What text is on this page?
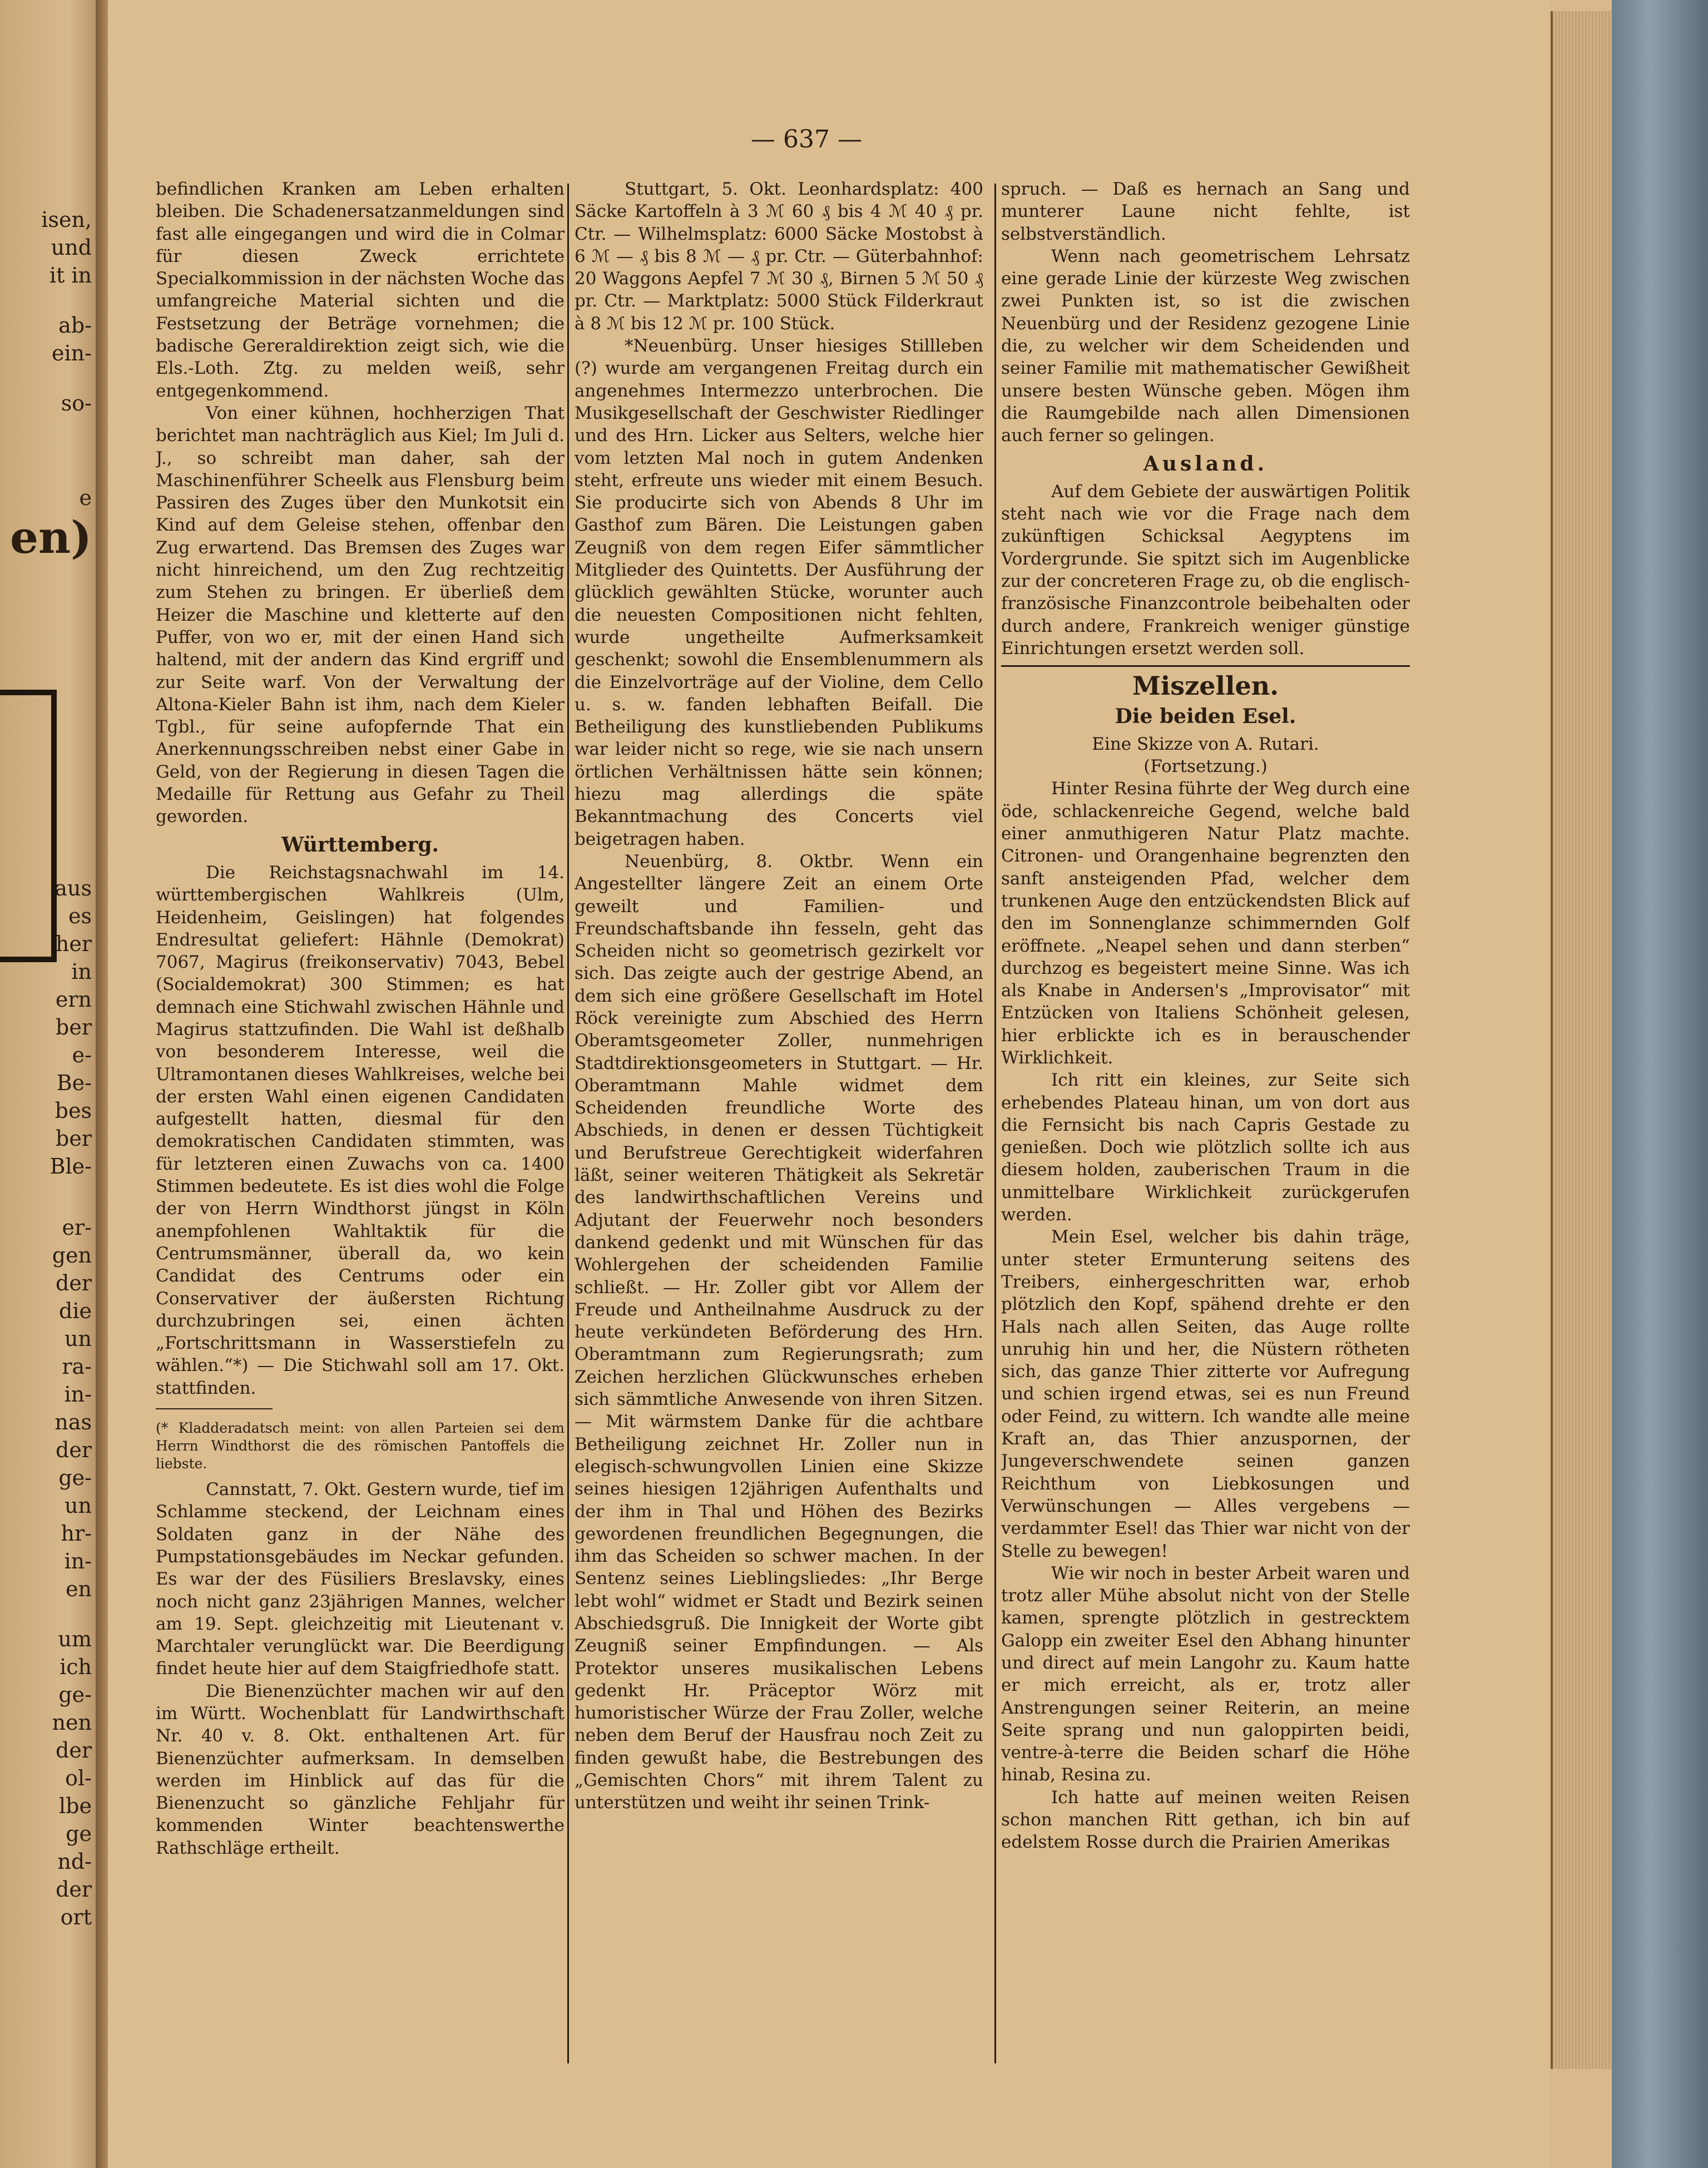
isen,
und
it in
ab-
ein-
so-
e
en)
aus
es
her
in
ern
ber
e-
Be-
bes
ber
Ble-
er-
gen
der
die
un
ra-
in-
nas
der
ge-
un
hr-
in-
en
um
ich
ge-
nen
der
ol-
lbe
ge
nd-
der
ort
— 637 —

befindlichen Kranken am Leben erhalten bleiben. Die Schadenersatzanmeldungen sind fast alle eingegangen und wird die in Colmar für diesen Zweck errichtete Specialkommission in der nächsten Woche das umfangreiche Material sichten und die Festsetzung der Beträge vornehmen; die badische Gereraldirektion zeigt sich, wie die Els.-Loth. Ztg. zu melden weiß, sehr entgegenkommend.

Von einer kühnen, hochherzigen That berichtet man nachträglich aus Kiel; Im Juli d. J., so schreibt man daher, sah der Maschinenführer Scheelk aus Flensburg beim Passiren des Zuges über den Munkotsit ein Kind auf dem Geleise stehen, offenbar den Zug erwartend. Das Bremsen des Zuges war nicht hinreichend, um den Zug rechtzeitig zum Stehen zu bringen. Er überließ dem Heizer die Maschine und kletterte auf den Puffer, von wo er, mit der einen Hand sich haltend, mit der andern das Kind ergriff und zur Seite warf. Von der Verwaltung der Altona-Kieler Bahn ist ihm, nach dem Kieler Tgbl., für seine aufopfernde That ein Anerkennungsschreiben nebst einer Gabe in Geld, von der Regierung in diesen Tagen die Medaille für Rettung aus Gefahr zu Theil geworden.

Württemberg.

Die Reichstagsnachwahl im 14. württembergischen Wahlkreis (Ulm, Heidenheim, Geislingen) hat folgendes Endresultat geliefert: Hähnle (Demokrat) 7067, Magirus (freikonservativ) 7043, Bebel (Socialdemokrat) 300 Stimmen; es hat demnach eine Stichwahl zwischen Hähnle und Magirus stattzufinden. Die Wahl ist deßhalb von besonderem Interesse, weil die Ultramontanen dieses Wahlkreises, welche bei der ersten Wahl einen eigenen Candidaten aufgestellt hatten, diesmal für den demokratischen Candidaten stimmten, was für letzteren einen Zuwachs von ca. 1400 Stimmen bedeutete. Es ist dies wohl die Folge der von Herrn Windthorst jüngst in Köln anempfohlenen Wahltaktik für die Centrumsmänner, überall da, wo kein Candidat des Centrums oder ein Conservativer der äußersten Richtung durchzubringen sei, einen ächten „Fortschrittsmann in Wasserstiefeln zu wählen.“*) — Die Stichwahl soll am 17. Okt. stattfinden.

(* Kladderadatsch meint: von allen Parteien sei dem Herrn Windthorst die des römischen Pantoffels die liebste.

Cannstatt, 7. Okt. Gestern wurde, tief im Schlamme steckend, der Leichnam eines Soldaten ganz in der Nähe des Pumpstationsgebäudes im Neckar gefunden. Es war der des Füsiliers Breslavsky, eines noch nicht ganz 23jährigen Mannes, welcher am 19. Sept. gleichzeitig mit Lieutenant v. Marchtaler verunglückt war. Die Beerdigung findet heute hier auf dem Staigfriedhofe statt.

Die Bienenzüchter machen wir auf den im Württ. Wochenblatt für Landwirthschaft Nr. 40 v. 8. Okt. enthaltenen Art. für Bienenzüchter aufmerksam. In demselben werden im Hinblick auf das für die Bienenzucht so gänzliche Fehljahr für kommenden Winter beachtenswerthe Rathschläge ertheilt.

Stuttgart, 5. Okt. Leonhardsplatz: 400 Säcke Kartoffeln à 3 ℳ 60 ₰ bis 4 ℳ 40 ₰ pr. Ctr. — Wilhelmsplatz: 6000 Säcke Mostobst à 6 ℳ — ₰ bis 8 ℳ — ₰ pr. Ctr. — Güterbahnhof: 20 Waggons Aepfel 7 ℳ 30 ₰, Birnen 5 ℳ 50 ₰ pr. Ctr. — Marktplatz: 5000 Stück Filderkraut à 8 ℳ bis 12 ℳ pr. 100 Stück.

*Neuenbürg. Unser hiesiges Stillleben (?) wurde am vergangenen Freitag durch ein angenehmes Intermezzo unterbrochen. Die Musikgesellschaft der Geschwister Riedlinger und des Hrn. Licker aus Selters, welche hier vom letzten Mal noch in gutem Andenken steht, erfreute uns wieder mit einem Besuch. Sie producirte sich von Abends 8 Uhr im Gasthof zum Bären. Die Leistungen gaben Zeugniß von dem regen Eifer sämmtlicher Mitglieder des Quintetts. Der Ausführung der glücklich gewählten Stücke, worunter auch die neuesten Compositionen nicht fehlten, wurde ungetheilte Aufmerksamkeit geschenkt; sowohl die Ensemblenummern als die Einzelvorträge auf der Violine, dem Cello u. s. w. fanden lebhaften Beifall. Die Betheiligung des kunstliebenden Publikums war leider nicht so rege, wie sie nach unsern örtlichen Verhältnissen hätte sein können; hiezu mag allerdings die späte Bekanntmachung des Concerts viel beigetragen haben.

Neuenbürg, 8. Oktbr. Wenn ein Angestellter längere Zeit an einem Orte geweilt und Familien- und Freundschaftsbande ihn fesseln, geht das Scheiden nicht so geometrisch gezirkelt vor sich. Das zeigte auch der gestrige Abend, an dem sich eine größere Gesellschaft im Hotel Röck vereinigte zum Abschied des Herrn Oberamtsgeometer Zoller, nunmehrigen Stadtdirektionsgeometers in Stuttgart. — Hr. Oberamtmann Mahle widmet dem Scheidenden freundliche Worte des Abschieds, in denen er dessen Tüchtigkeit und Berufstreue Gerechtigkeit widerfahren läßt, seiner weiteren Thätigkeit als Sekretär des landwirthschaftlichen Vereins und Adjutant der Feuerwehr noch besonders dankend gedenkt und mit Wünschen für das Wohlergehen der scheidenden Familie schließt. — Hr. Zoller gibt vor Allem der Freude und Antheilnahme Ausdruck zu der heute verkündeten Beförderung des Hrn. Oberamtmann zum Regierungsrath; zum Zeichen herzlichen Glückwunsches erheben sich sämmtliche Anwesende von ihren Sitzen. — Mit wärmstem Danke für die achtbare Betheiligung zeichnet Hr. Zoller nun in elegisch-schwungvollen Linien eine Skizze seines hiesigen 12jährigen Aufenthalts und der ihm in Thal und Höhen des Bezirks gewordenen freundlichen Begegnungen, die ihm das Scheiden so schwer machen. In der Sentenz seines Lieblingsliedes: „Ihr Berge lebt wohl“ widmet er Stadt und Bezirk seinen Abschiedsgruß. Die Innigkeit der Worte gibt Zeugniß seiner Empfindungen. — Als Protektor unseres musikalischen Lebens gedenkt Hr. Präceptor Wörz mit humoristischer Würze der Frau Zoller, welche neben dem Beruf der Hausfrau noch Zeit zu finden gewußt habe, die Bestrebungen des „Gemischten Chors“ mit ihrem Talent zu unterstützen und weiht ihr seinen Trink-

spruch. — Daß es hernach an Sang und munterer Laune nicht fehlte, ist selbstverständlich.

Wenn nach geometrischem Lehrsatz eine gerade Linie der kürzeste Weg zwischen zwei Punkten ist, so ist die zwischen Neuenbürg und der Residenz gezogene Linie die, zu welcher wir dem Scheidenden und seiner Familie mit mathematischer Gewißheit unsere besten Wünsche geben. Mögen ihm die Raumgebilde nach allen Dimensionen auch ferner so gelingen.

Ausland.

Auf dem Gebiete der auswärtigen Politik steht nach wie vor die Frage nach dem zukünftigen Schicksal Aegyptens im Vordergrunde. Sie spitzt sich im Augenblicke zur der concreteren Frage zu, ob die englisch-französische Finanzcontrole beibehalten oder durch andere, Frankreich weniger günstige Einrichtungen ersetzt werden soll.

Miszellen.
Die beiden Esel.
Eine Skizze von A. Rutari.
(Fortsetzung.)

Hinter Resina führte der Weg durch eine öde, schlackenreiche Gegend, welche bald einer anmuthigeren Natur Platz machte. Citronen- und Orangenhaine begrenzten den sanft ansteigenden Pfad, welcher dem trunkenen Auge den entzückendsten Blick auf den im Sonnenglanze schimmernden Golf eröffnete. „Neapel sehen und dann sterben“ durchzog es begeistert meine Sinne. Was ich als Knabe in Andersen's „Improvisator“ mit Entzücken von Italiens Schönheit gelesen, hier erblickte ich es in berauschender Wirklichkeit.

Ich ritt ein kleines, zur Seite sich erhebendes Plateau hinan, um von dort aus die Fernsicht bis nach Capris Gestade zu genießen. Doch wie plötzlich sollte ich aus diesem holden, zauberischen Traum in die unmittelbare Wirklichkeit zurückgerufen werden.

Mein Esel, welcher bis dahin träge, unter steter Ermunterung seitens des Treibers, einhergeschritten war, erhob plötzlich den Kopf, spähend drehte er den Hals nach allen Seiten, das Auge rollte unruhig hin und her, die Nüstern rötheten sich, das ganze Thier zitterte vor Aufregung und schien irgend etwas, sei es nun Freund oder Feind, zu wittern. Ich wandte alle meine Kraft an, das Thier anzuspornen, der Jungeverschwendete seinen ganzen Reichthum von Liebkosungen und Verwünschungen — Alles vergebens — verdammter Esel! das Thier war nicht von der Stelle zu bewegen!

Wie wir noch in bester Arbeit waren und trotz aller Mühe absolut nicht von der Stelle kamen, sprengte plötzlich in gestrecktem Galopp ein zweiter Esel den Abhang hinunter und direct auf mein Langohr zu. Kaum hatte er mich erreicht, als er, trotz aller Anstrengungen seiner Reiterin, an meine Seite sprang und nun galoppirten beidi, ventre-à-terre die Beiden scharf die Höhe hinab, Resina zu.

Ich hatte auf meinen weiten Reisen schon manchen Ritt gethan, ich bin auf edelstem Rosse durch die Prairien Amerikas
